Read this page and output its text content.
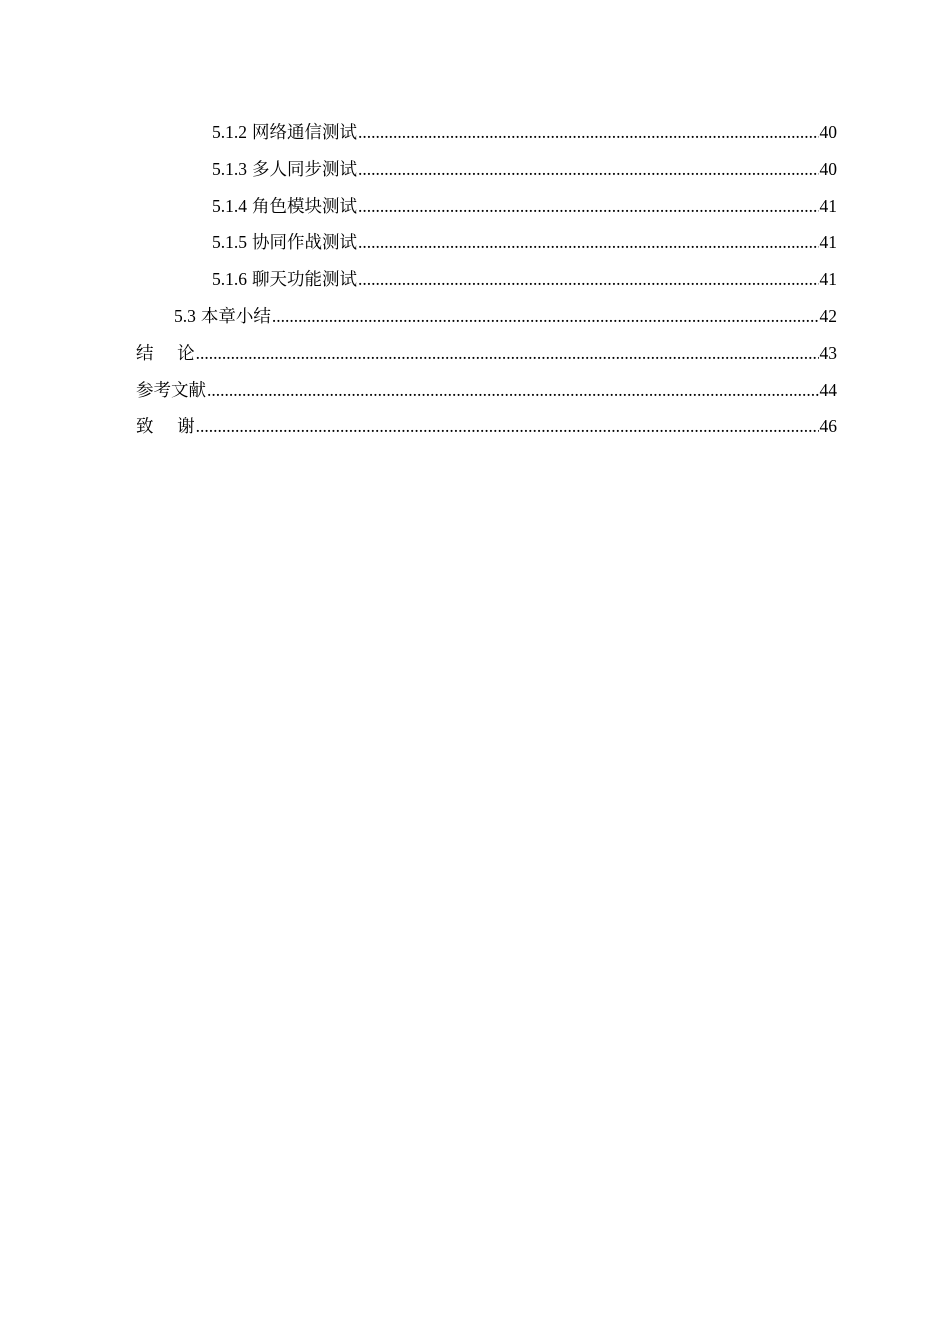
5.1.2 网络通信测试 .....	40
5.1.3 多人同步测试 .....	40
5.1.4 角色模块测试 .....	41
5.1.5 协同作战测试 .....	41
5.1.6 聊天功能测试 .....	41
5.3 本章小结 .....	42
结论 .....	43
参考文献 .....	44
致谢 .....	46
